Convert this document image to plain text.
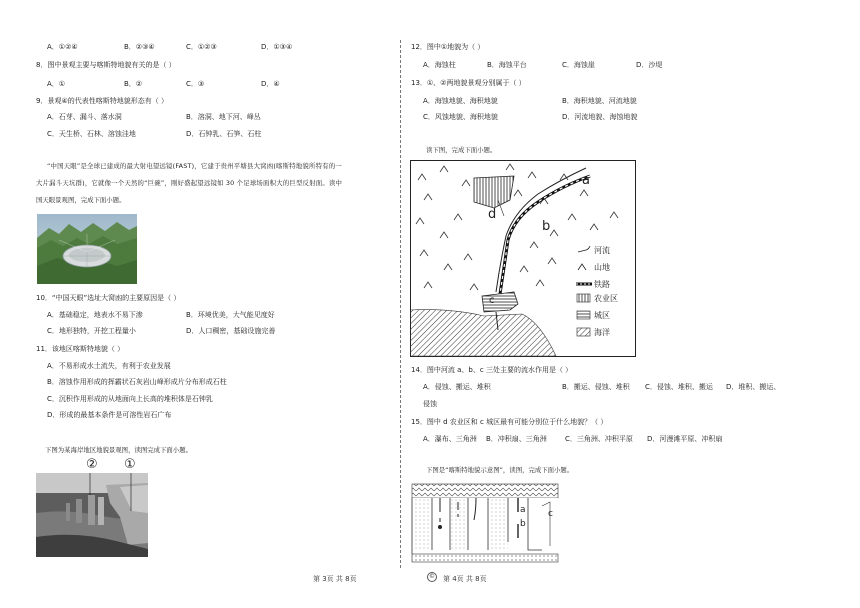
A．①②④	B．②③④	C．①②③	D．①③④
8．图中景观主要与喀斯特地貌有关的是（ ）
A．①	B．②	C．③	D．④
9．景观④的代表性喀斯特地貌形态有（ ）
A．石芽、漏斗、落水洞	B．溶洞、地下河、峰丛
C．天生桥、石林、溶蚀洼地	D．石钟乳、石笋、石柱
“中国天眼”是全球已建成的最大射电望远镜(FAST)，它建于贵州平塘县大窝凼(喀斯特地貌所特有的一
大片漏斗天坑群)，它就像一个天然的“巨碗”，刚好盛起望远镜如 30 个足球场面积大的巨型反射面。读中
国天眼景观图，完成下面小题。
10．“中国天眼”选址大窝凼的主要原因是（ ）
A．基础稳定，地表水不易下渗	B．环境优美，大气能见度好
C．地形独特，开挖工程量小	D．人口稠密，基础设施完善
11．该地区喀斯特地貌（ ）
A．不易形成水土流失，有利于农业发展
B．溶蚀作用形成的挥霸状石灰岩山峰形成片分布形成石柱
C．沉积作用形成的从地面向上长高的堆积体是石钟乳
D．形成的最基本条件是可溶性岩石广布
下图为某海岸地区地貌景观图，读图完成下面小题。
② ①
12．图中①地貌为（ ）
A．海蚀柱	B．海蚀平台	C．海蚀崖	D．沙堤
13．①、②两地貌景观分别属于（ ）
A．海蚀地貌、海积地貌	B．海积地貌、河流地貌
C．风蚀地貌、海积地貌	D．河流地貌、海蚀地貌
读下图，完成下面小题。
a
b
c
d
河流
山地
铁路
农业区
城区
海洋
14．图中河流 a、b、c 三处主要的流水作用是（ ）
A．侵蚀、搬运、堆积	B．搬运、侵蚀、堆积 C．侵蚀、堆积、搬运 D．堆积、搬运、
侵蚀
15．图中 d 农业区和 c 城区最有可能分别位于什么地貌？（ ）
A．瀑布、三角洲 B．冲积扇、三角洲	C．三角洲、冲积平原 D．河漫滩平原、冲积扇
下图是“喀斯特地貌示意图”，读图，完成下面小题。
a
b
c
第 3页 共 8页	© 第 4页 共 8页
